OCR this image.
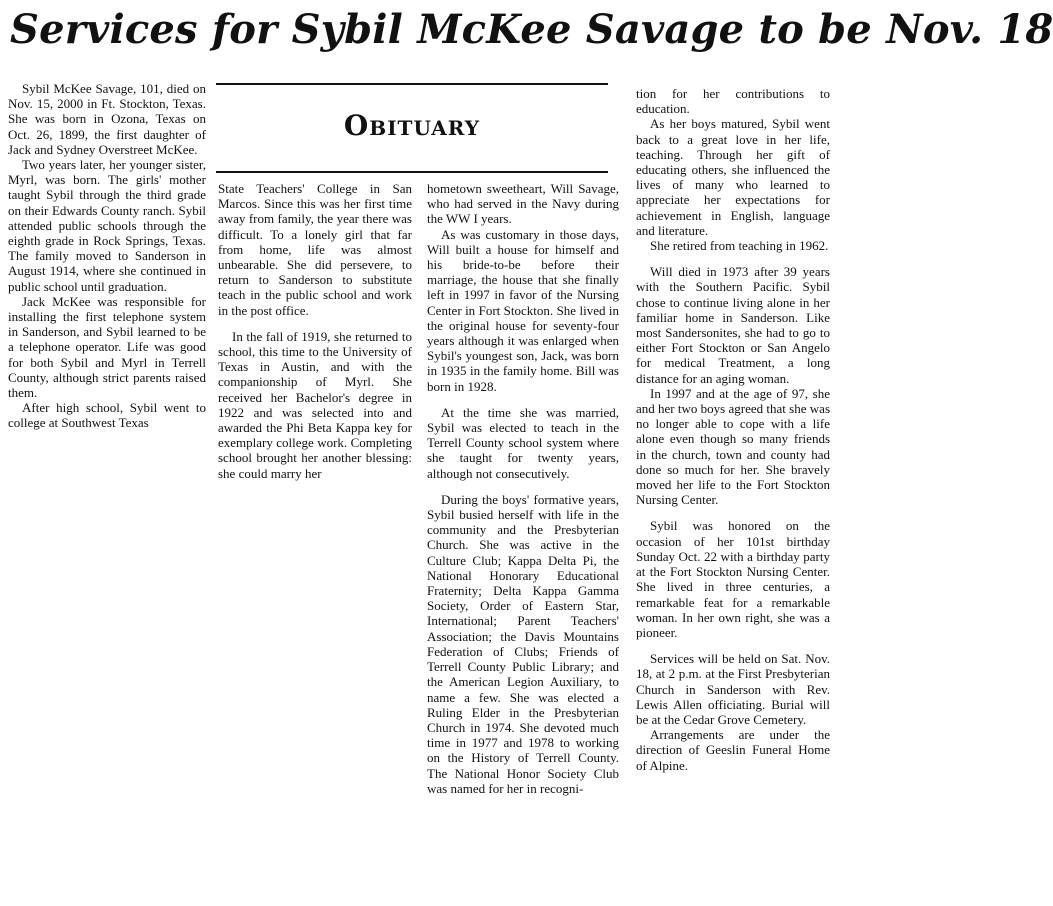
Services for Sybil McKee Savage to be Nov. 18

Sybil McKee Savage, 101, died on Nov. 15, 2000 in Ft. Stockton, Texas. She was born in Ozona, Texas on Oct. 26, 1899, the first daughter of Jack and Sydney Overstreet McKee.

Two years later, her younger sister, Myrl, was born. The girls' mother taught Sybil through the third grade on their Edwards County ranch. Sybil attended public schools through the eighth grade in Rock Springs, Texas. The family moved to Sanderson in August 1914, where she continued in public school until graduation.

Jack McKee was responsible for installing the first telephone system in Sanderson, and Sybil learned to be a telephone operator. Life was good for both Sybil and Myrl in Terrell County, although strict parents raised them.

After high school, Sybil went to college at Southwest Texas

Obituary

State Teachers' College in San Marcos. Since this was her first time away from family, the year there was difficult. To a lonely girl that far from home, life was almost unbearable. She did persevere, to return to Sanderson to substitute teach in the public school and work in the post office.

In the fall of 1919, she returned to school, this time to the University of Texas in Austin, and with the companionship of Myrl. She received her Bachelor's degree in 1922 and was selected into and awarded the Phi Beta Kappa key for exemplary college work. Completing school brought her another blessing: she could marry her

hometown sweetheart, Will Savage, who had served in the Navy during the WW I years.

As was customary in those days, Will built a house for himself and his bride-to-be before their marriage, the house that she finally left in 1997 in favor of the Nursing Center in Fort Stockton. She lived in the original house for seventy-four years although it was enlarged when Sybil's youngest son, Jack, was born in 1935 in the family home. Bill was born in 1928.

At the time she was married, Sybil was elected to teach in the Terrell County school system where she taught for twenty years, although not consecutively.

During the boys' formative years, Sybil busied herself with life in the community and the Presbyterian Church. She was active in the Culture Club; Kappa Delta Pi, the National Honorary Educational Fraternity; Delta Kappa Gamma Society, Order of Eastern Star, International; Parent Teachers' Association; the Davis Mountains Federation of Clubs; Friends of Terrell County Public Library; and the American Legion Auxiliary, to name a few. She was elected a Ruling Elder in the Presbyterian Church in 1974. She devoted much time in 1977 and 1978 to working on the History of Terrell County. The National Honor Society Club was named for her in recogni-

tion for her contributions to education.

As her boys matured, Sybil went back to a great love in her life, teaching. Through her gift of educating others, she influenced the lives of many who learned to appreciate her expectations for achievement in English, language and literature.

She retired from teaching in 1962.

Will died in 1973 after 39 years with the Southern Pacific. Sybil chose to continue living alone in her familiar home in Sanderson. Like most Sandersonites, she had to go to either Fort Stockton or San Angelo for medical Treatment, a long distance for an aging woman.

In 1997 and at the age of 97, she and her two boys agreed that she was no longer able to cope with a life alone even though so many friends in the church, town and county had done so much for her. She bravely moved her life to the Fort Stockton Nursing Center.

Sybil was honored on the occasion of her 101st birthday Sunday Oct. 22 with a birthday party at the Fort Stockton Nursing Center. She lived in three centuries, a remarkable feat for a remarkable woman. In her own right, she was a pioneer.

Services will be held on Sat. Nov. 18, at 2 p.m. at the First Presbyterian Church in Sanderson with Rev. Lewis Allen officiating. Burial will be at the Cedar Grove Cemetery.

Arrangements are under the direction of Geeslin Funeral Home of Alpine.
